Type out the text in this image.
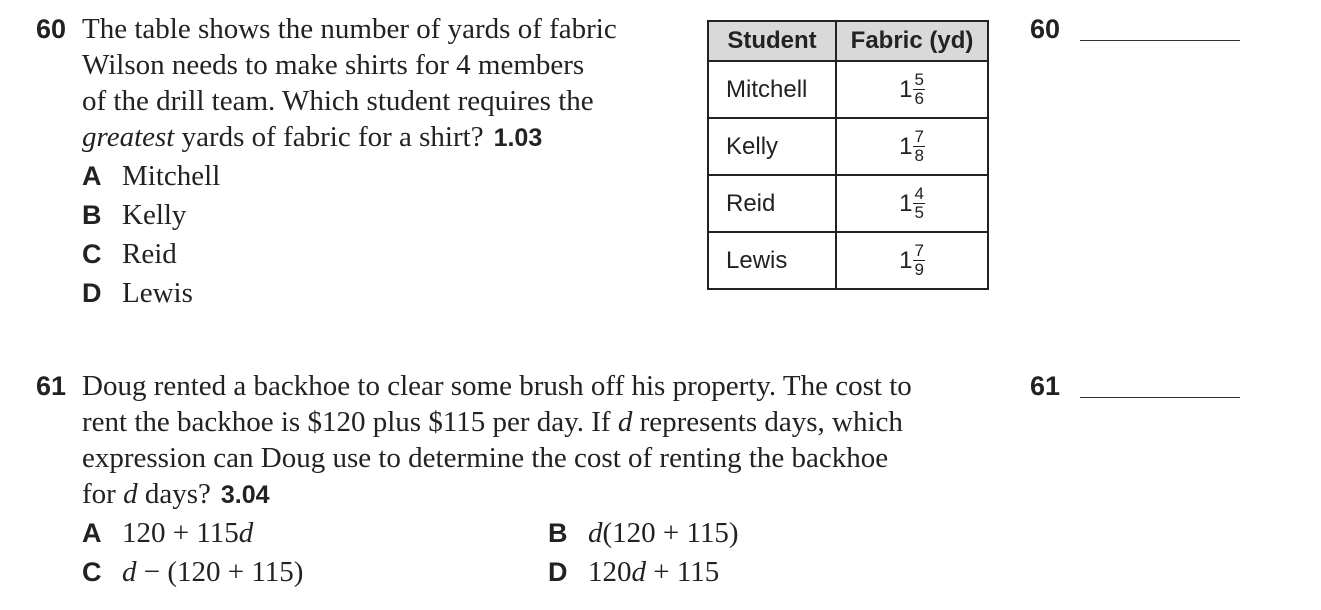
60 The table shows the number of yards of fabric
Wilson needs to make shirts for 4 members
of the drill team. Which student requires the
greatest yards of fabric for a shirt? 1.03
A Mitchell
B Kelly
C Reid
D Lewis
Student	Fabric (yd)
Mitchell	$1 \frac{5}{6}$

Kelly	$1 \frac{7}{8}$

Reid	$1 \frac{4}{5}$

Lewis	$1 \frac{7}{9}$
60
61 Doug rented a backhoe to clear some brush off his property. The cost to
rent the backhoe is $120 plus $115 per day. If d represents days, which
expression can Doug use to determine the cost of renting the backhoe
for d days? 3.04
61
A 120 + 115d	B d(120 + 115)
C d − (120 + 115)	D 120d + 115
